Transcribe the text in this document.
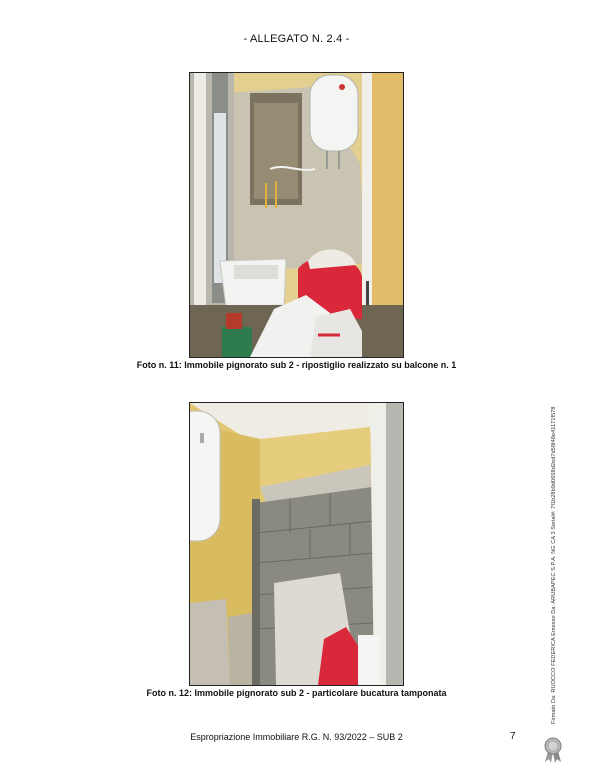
- ALLEGATO N. 2.4 -
Foto n. 11: Immobile pignorato sub 2 - ripostiglio realizzato su balcone n. 1
Foto n. 12: Immobile pignorato sub 2 - particolare bucatura tamponata
Espropriazione Immobiliare R.G. N. 93/2022 – SUB 2	7
Firmato Da: RUOCCO FEDERICA Emesso Da: ARUBAPEC S.P.A. NG CA 3 Serial#: 7f1b28b9d0658d2ed7d58f48e41171f578
